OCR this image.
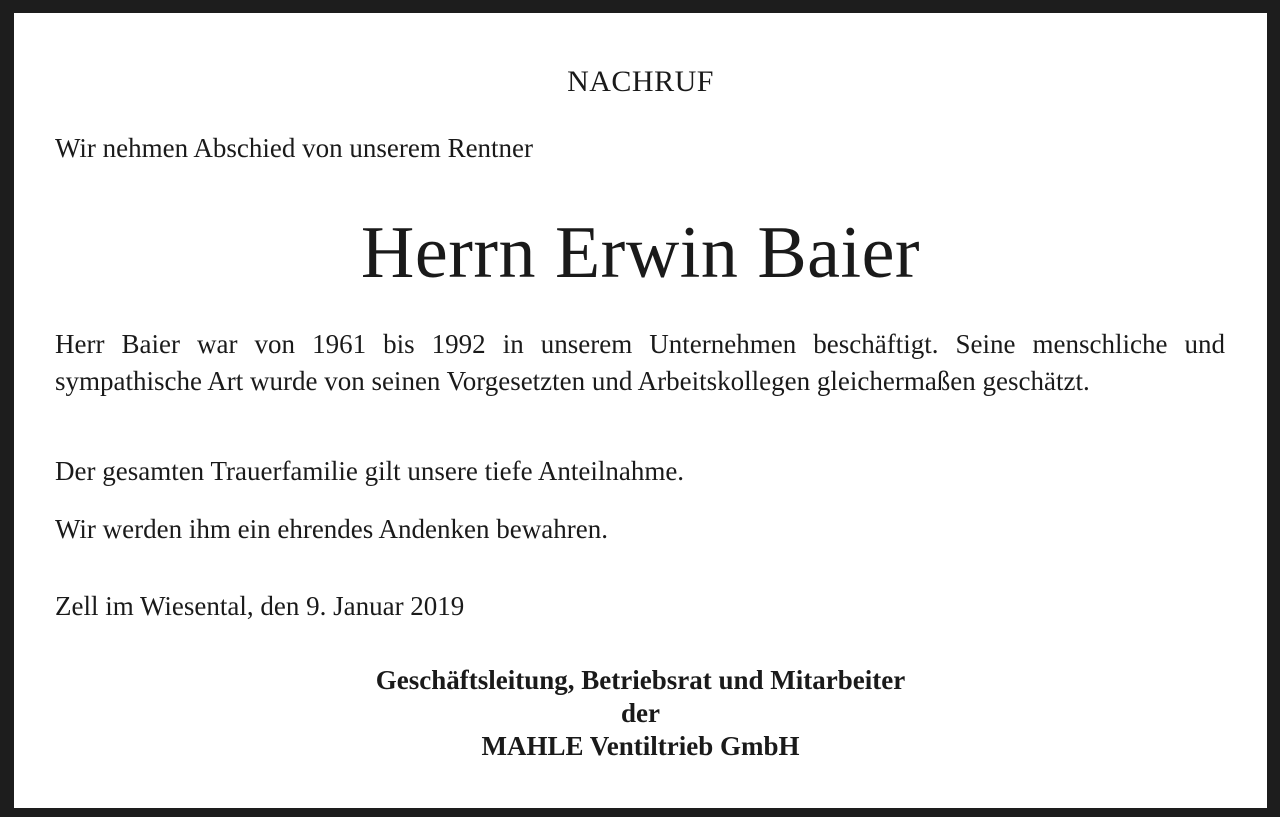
NACHRUF
Wir nehmen Abschied von unserem Rentner
Herrn Erwin Baier
Herr Baier war von 1961 bis 1992 in unserem Unternehmen beschäftigt. Seine menschliche und sympathische Art wurde von seinen Vorgesetzten und Arbeitskollegen gleichermaßen geschätzt.
Der gesamten Trauerfamilie gilt unsere tiefe Anteilnahme.
Wir werden ihm ein ehrendes Andenken bewahren.
Zell im Wiesental, den 9. Januar 2019
Geschäftsleitung, Betriebsrat und Mitarbeiter
der
MAHLE Ventiltrieb GmbH
